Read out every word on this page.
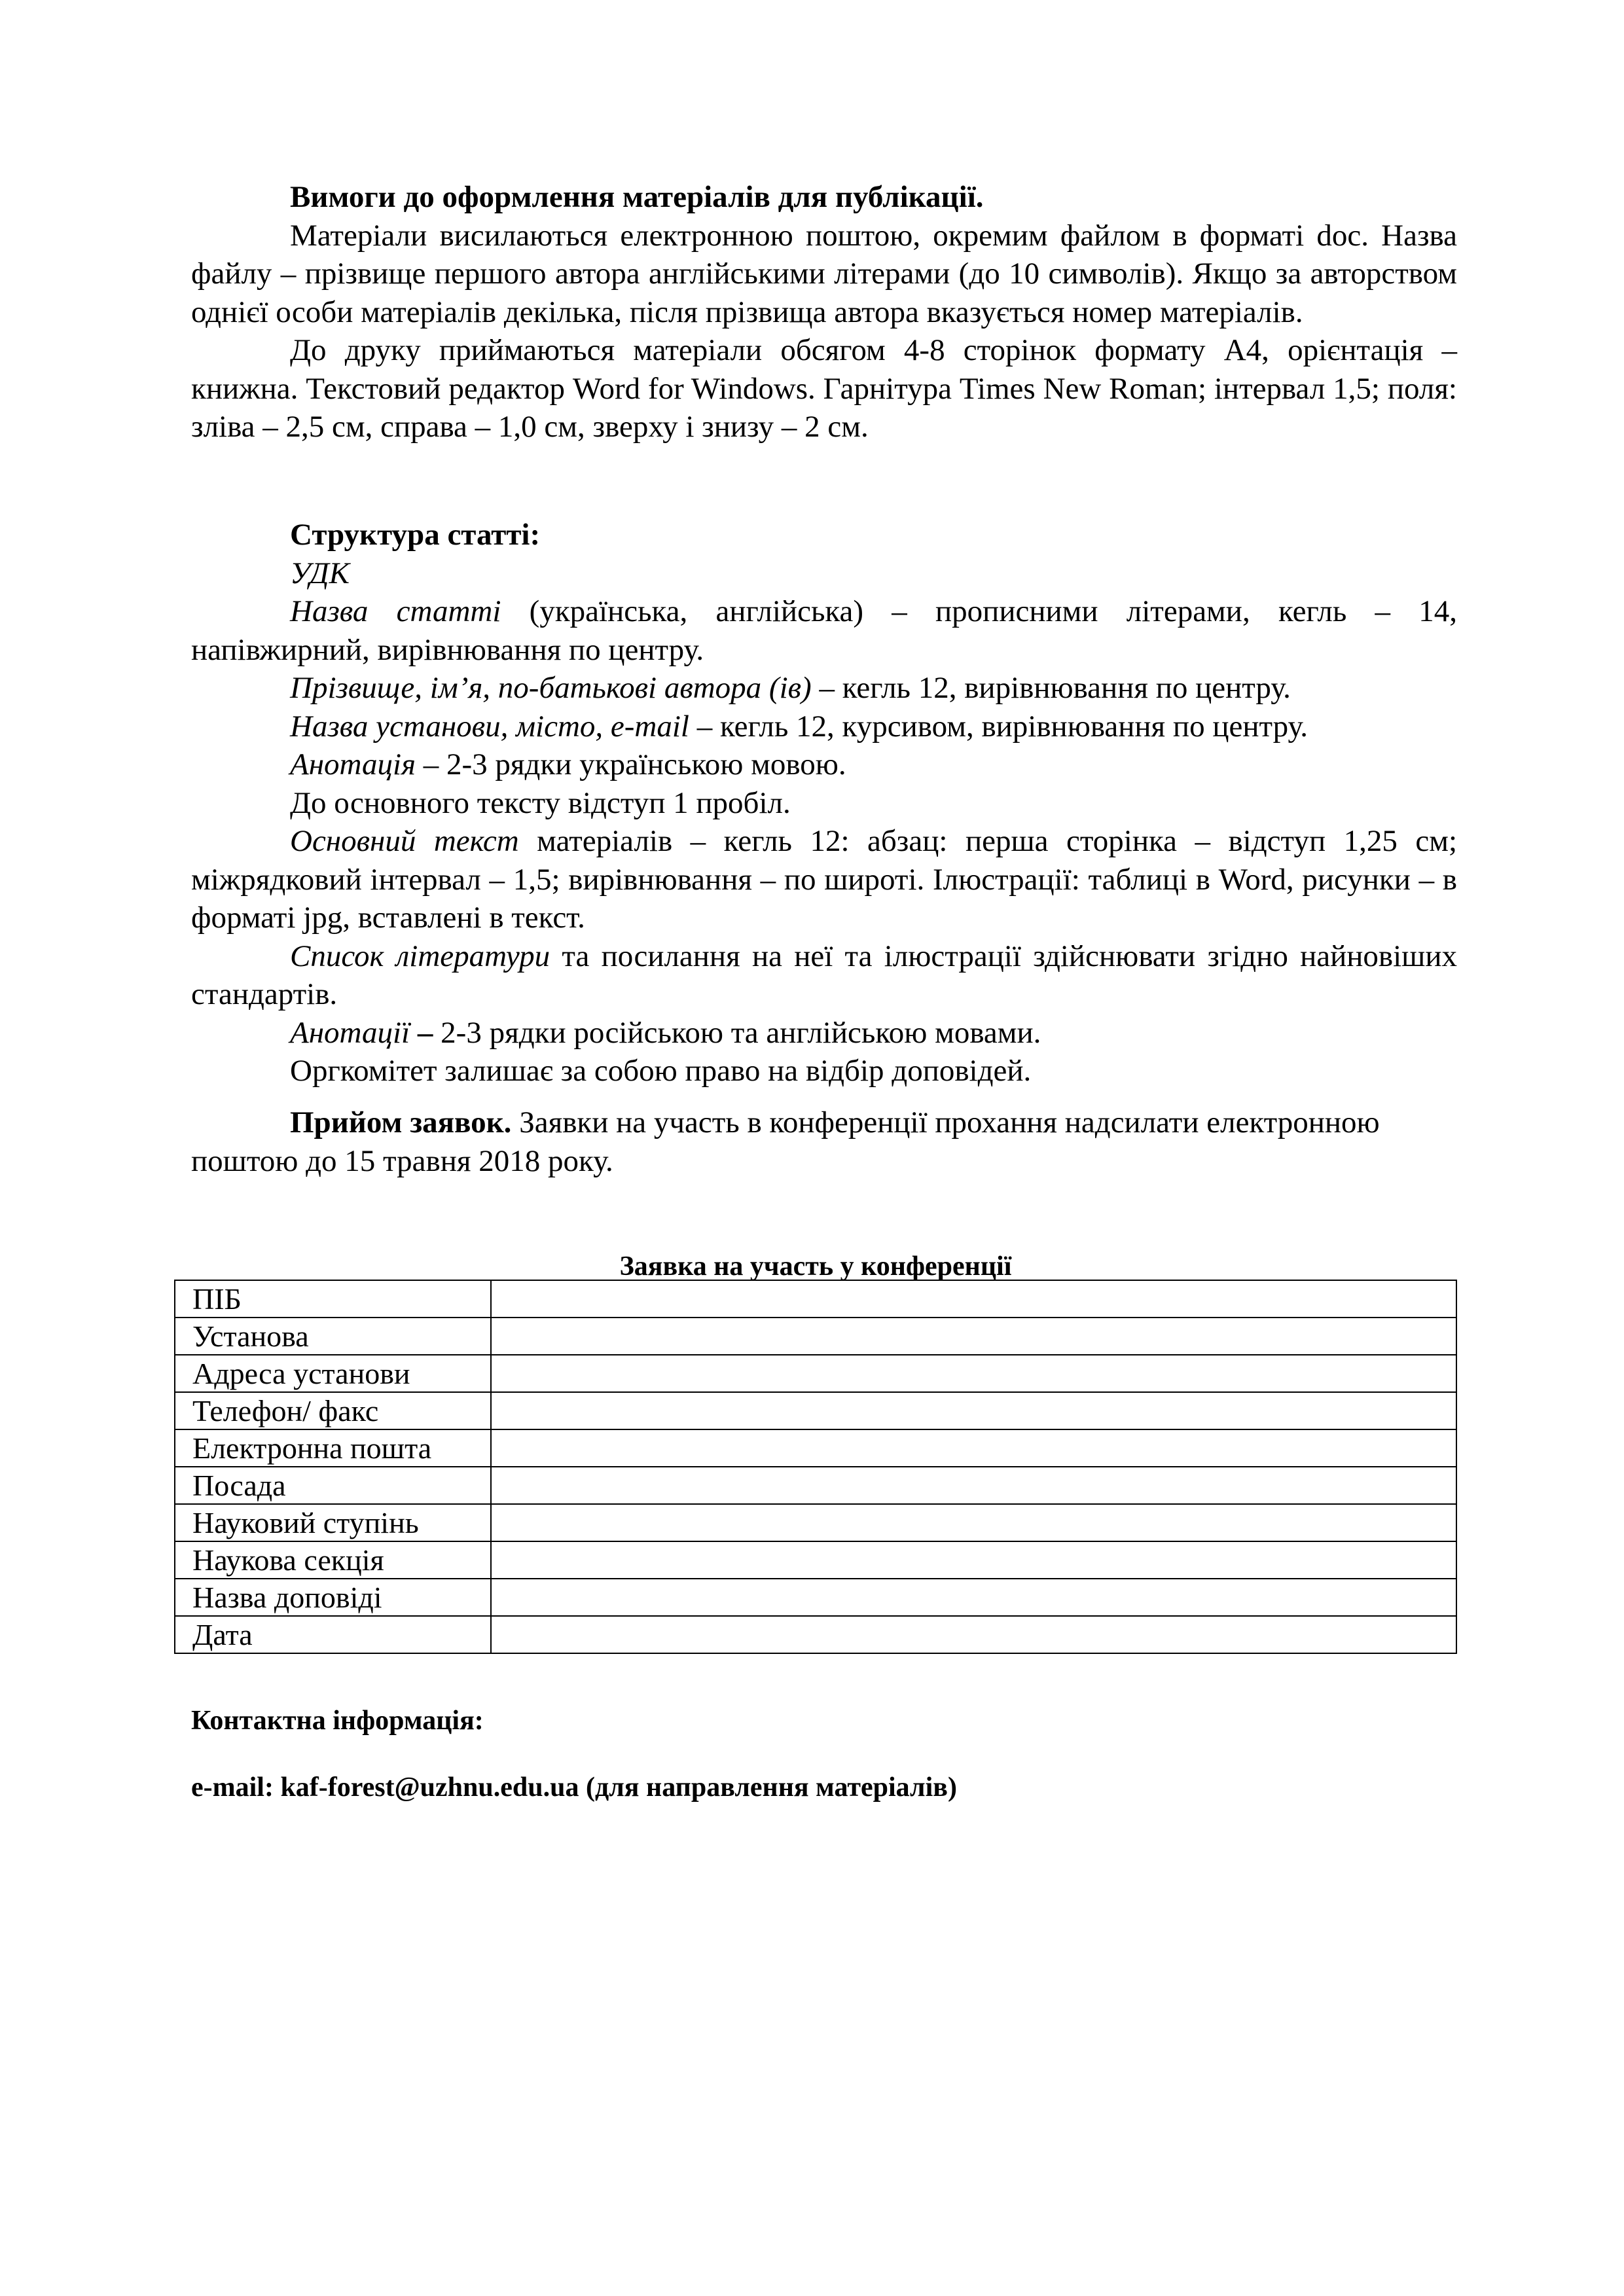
Вимоги до оформлення матеріалів для публікації.

Матеріали висилаються електронною поштою, окремим файлом в форматі doc. Назва файлу – прізвище першого автора англійськими літерами (до 10 символів). Якщо за авторством однієї особи матеріалів декілька, після прізвища автора вказується номер матеріалів.

До друку приймаються матеріали обсягом 4-8 сторінок формату А4, орієнтація – книжна. Текстовий редактор Word for Windows. Гарнітура Times New Roman; інтервал 1,5; поля: зліва – 2,5 см, справа – 1,0 см, зверху і знизу – 2 см.

Структура статті:

УДК

Назва статті (українська, англійська) – прописними літерами, кегль – 14, напівжирний, вирівнювання по центру.

Прізвище, ім’я, по-батькові автора (ів) – кегль 12, вирівнювання по центру.

Назва установи, місто, e-mail – кегль 12, курсивом, вирівнювання по центру.

Анотація – 2-3 рядки українською мовою.

До основного тексту відступ 1 пробіл.

Основний текст матеріалів – кегль 12: абзац: перша сторінка – відступ 1,25 см; міжрядковий інтервал – 1,5; вирівнювання – по широті. Ілюстрації: таблиці в Word, рисунки – в форматі jpg, вставлені в текст.

Список літератури та посилання на неї та ілюстрації здійснювати згідно найновіших стандартів.

Анотації – 2-3 рядки російською та англійською мовами.

Оргкомітет залишає за собою право на відбір доповідей.

Прийом заявок. Заявки на участь в конференції прохання надсилати електронною поштою до 15 травня 2018 року.

Заявка на участь у конференції
ПІБ	
Установа	
Адреса установи	
Телефон/ факс	
Електронна пошта	
Посада	
Науковий ступінь	
Наукова секція	
Назва доповіді	
Дата	
Контактна інформація:
e-mail: kaf-forest@uzhnu.edu.ua (для направлення матеріалів)
